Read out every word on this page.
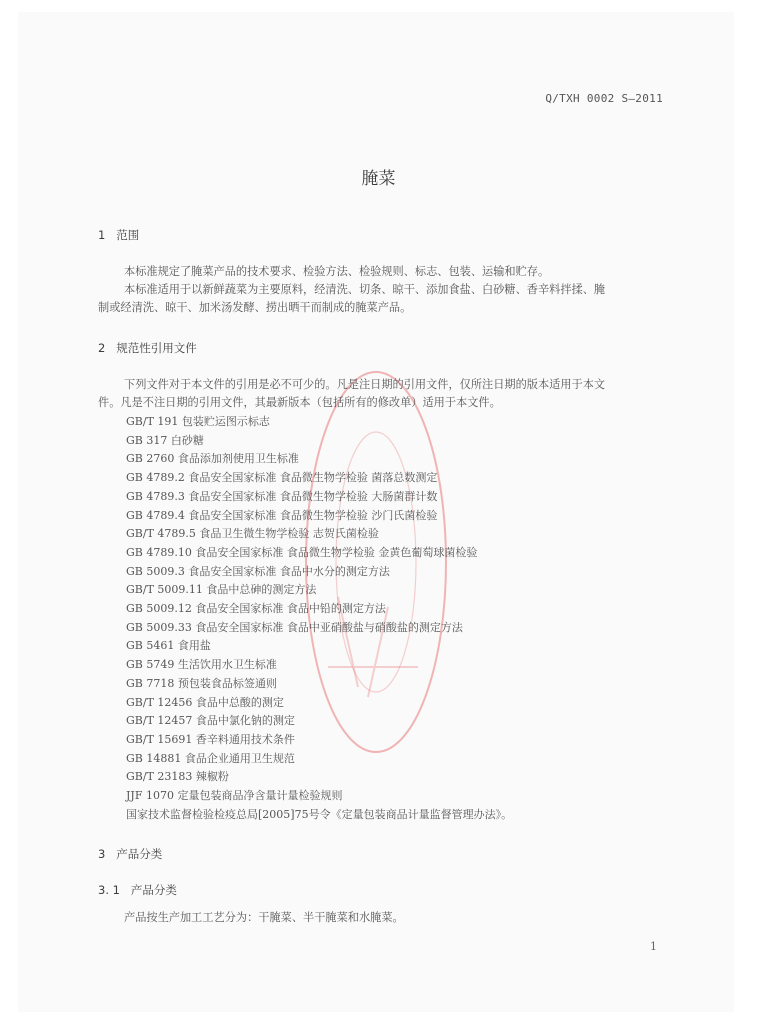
Q/TXH 0002 S—2011
腌菜
1 范围
本标准规定了腌菜产品的技术要求、检验方法、检验规则、标志、包装、运输和贮存。
本标准适用于以新鲜蔬菜为主要原料，经清洗、切条、晾干、添加食盐、白砂糖、香辛料拌揉、腌
制或经清洗、晾干、加米汤发酵、捞出晒干而制成的腌菜产品。
2 规范性引用文件
下列文件对于本文件的引用是必不可少的。凡是注日期的引用文件，仅所注日期的版本适用于本文
件。凡是不注日期的引用文件，其最新版本（包括所有的修改单）适用于本文件。
GB/T 191 包装贮运图示标志
GB 317 白砂糖
GB 2760 食品添加剂使用卫生标准
GB 4789.2 食品安全国家标准 食品微生物学检验 菌落总数测定
GB 4789.3 食品安全国家标准 食品微生物学检验 大肠菌群计数
GB 4789.4 食品安全国家标准 食品微生物学检验 沙门氏菌检验
GB/T 4789.5 食品卫生微生物学检验 志贺氏菌检验
GB 4789.10 食品安全国家标准 食品微生物学检验 金黄色葡萄球菌检验
GB 5009.3 食品安全国家标准 食品中水分的测定方法
GB/T 5009.11 食品中总砷的测定方法
GB 5009.12 食品安全国家标准 食品中铅的测定方法
GB 5009.33 食品安全国家标准 食品中亚硝酸盐与硝酸盐的测定方法
GB 5461 食用盐
GB 5749 生活饮用水卫生标准
GB 7718 预包装食品标签通则
GB/T 12456 食品中总酸的测定
GB/T 12457 食品中氯化钠的测定
GB/T 15691 香辛料通用技术条件
GB 14881 食品企业通用卫生规范
GB/T 23183 辣椒粉
JJF 1070 定量包装商品净含量计量检验规则
国家技术监督检验检疫总局[2005]75号令《定量包装商品计量监督管理办法》。
3 产品分类
3. 1 产品分类
产品按生产加工工艺分为：干腌菜、半干腌菜和水腌菜。
1
